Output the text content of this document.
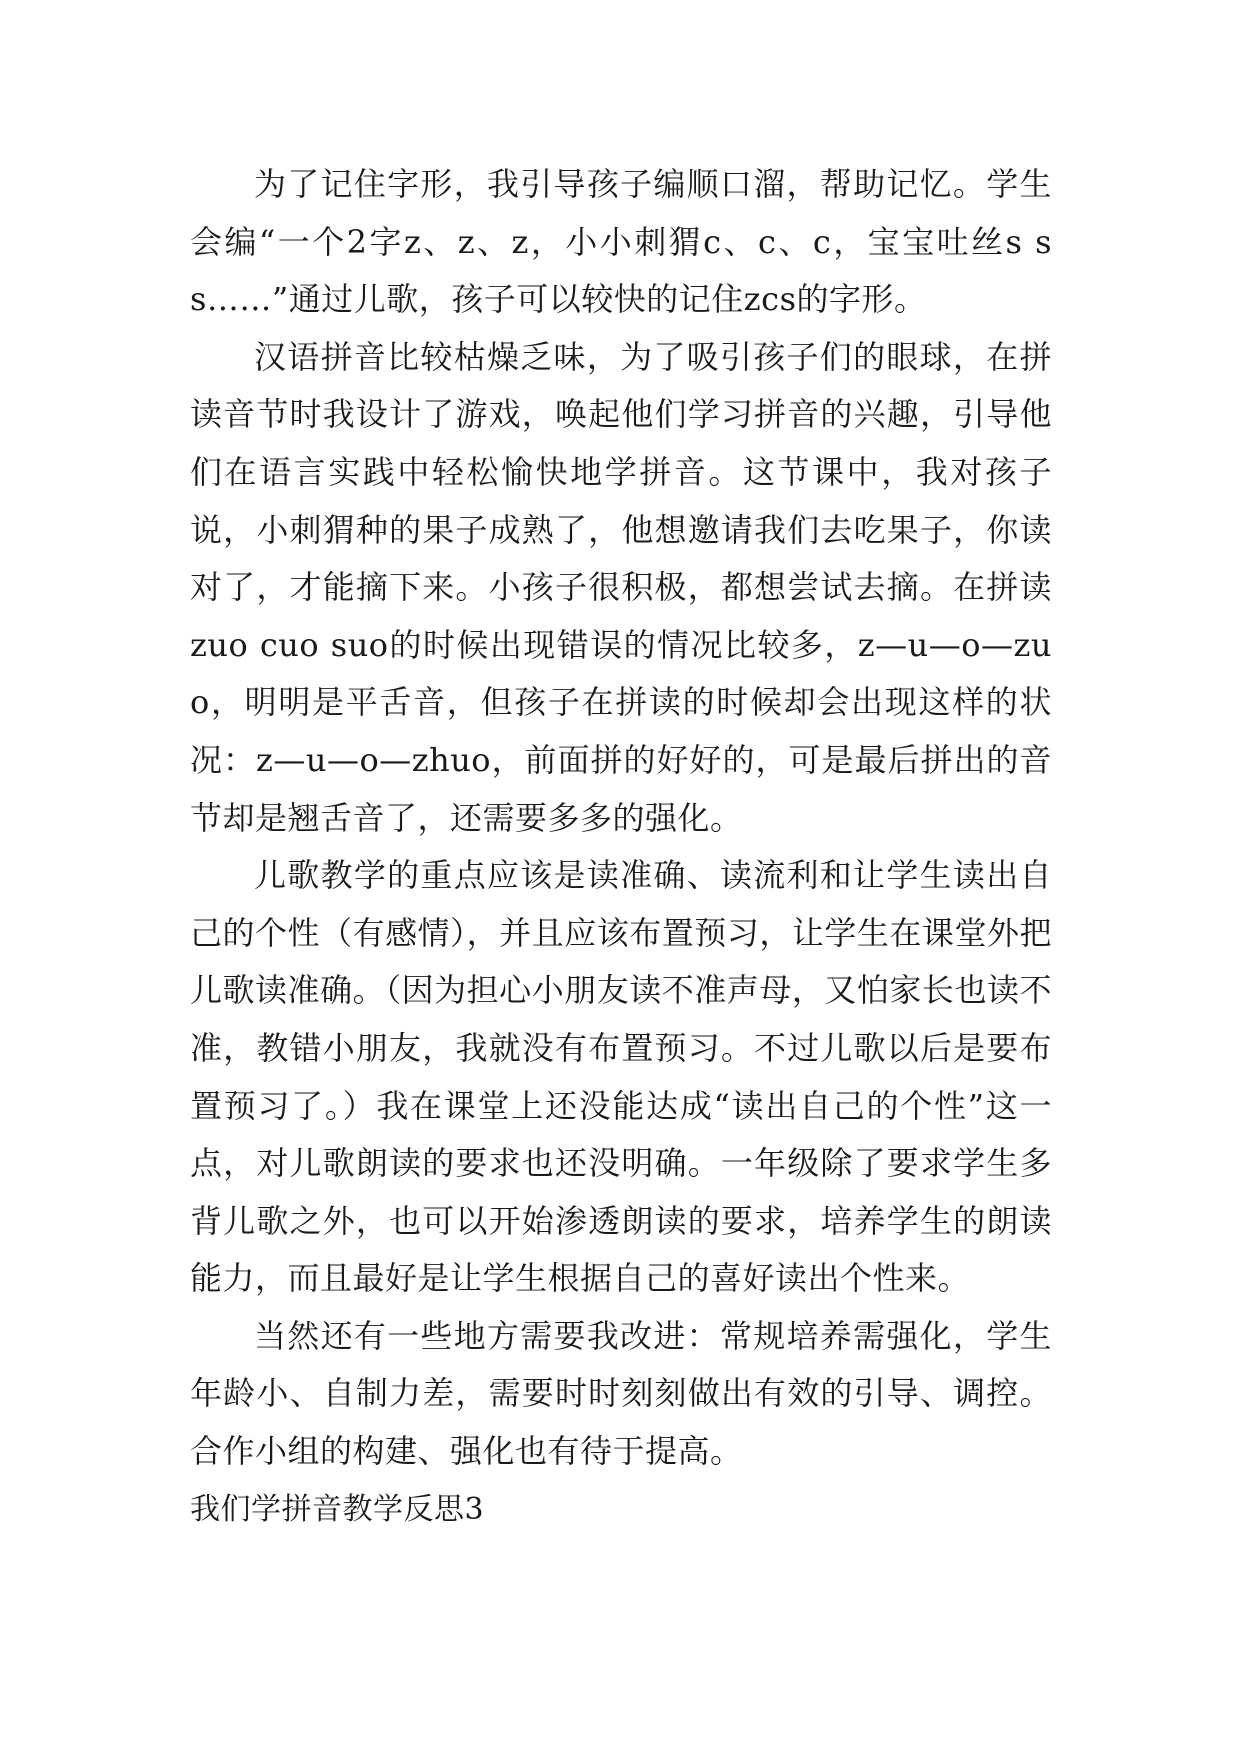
为了记住字形，我引导孩子编顺口溜，帮助记忆。学生会编“一个2字z、z、z，小小刺猬c、c、c，宝宝吐丝s s s……”通过儿歌，孩子可以较快的记住zcs的字形。

汉语拼音比较枯燥乏味，为了吸引孩子们的眼球，在拼读音节时我设计了游戏，唤起他们学习拼音的兴趣，引导他们在语言实践中轻松愉快地学拼音。这节课中，我对孩子说，小刺猬种的果子成熟了，他想邀请我们去吃果子，你读对了，才能摘下来。小孩子很积极，都想尝试去摘。在拼读zuo cuo suo的时候出现错误的情况比较多，z—u—o—zuo，明明是平舌音，但孩子在拼读的时候却会出现这样的状况：z—u—o—zhuo，前面拼的好好的，可是最后拼出的音节却是翘舌音了，还需要多多的强化。

儿歌教学的重点应该是读准确、读流利和让学生读出自己的个性（有感情），并且应该布置预习，让学生在课堂外把儿歌读准确。（因为担心小朋友读不准声母，又怕家长也读不准，教错小朋友，我就没有布置预习。不过儿歌以后是要布置预习了。）我在课堂上还没能达成“读出自己的个性”这一点，对儿歌朗读的要求也还没明确。一年级除了要求学生多背儿歌之外，也可以开始渗透朗读的要求，培养学生的朗读能力，而且最好是让学生根据自己的喜好读出个性来。

当然还有一些地方需要我改进：常规培养需强化，学生年龄小、自制力差，需要时时刻刻做出有效的引导、调控。合作小组的构建、强化也有待于提高。

我们学拼音教学反思3
